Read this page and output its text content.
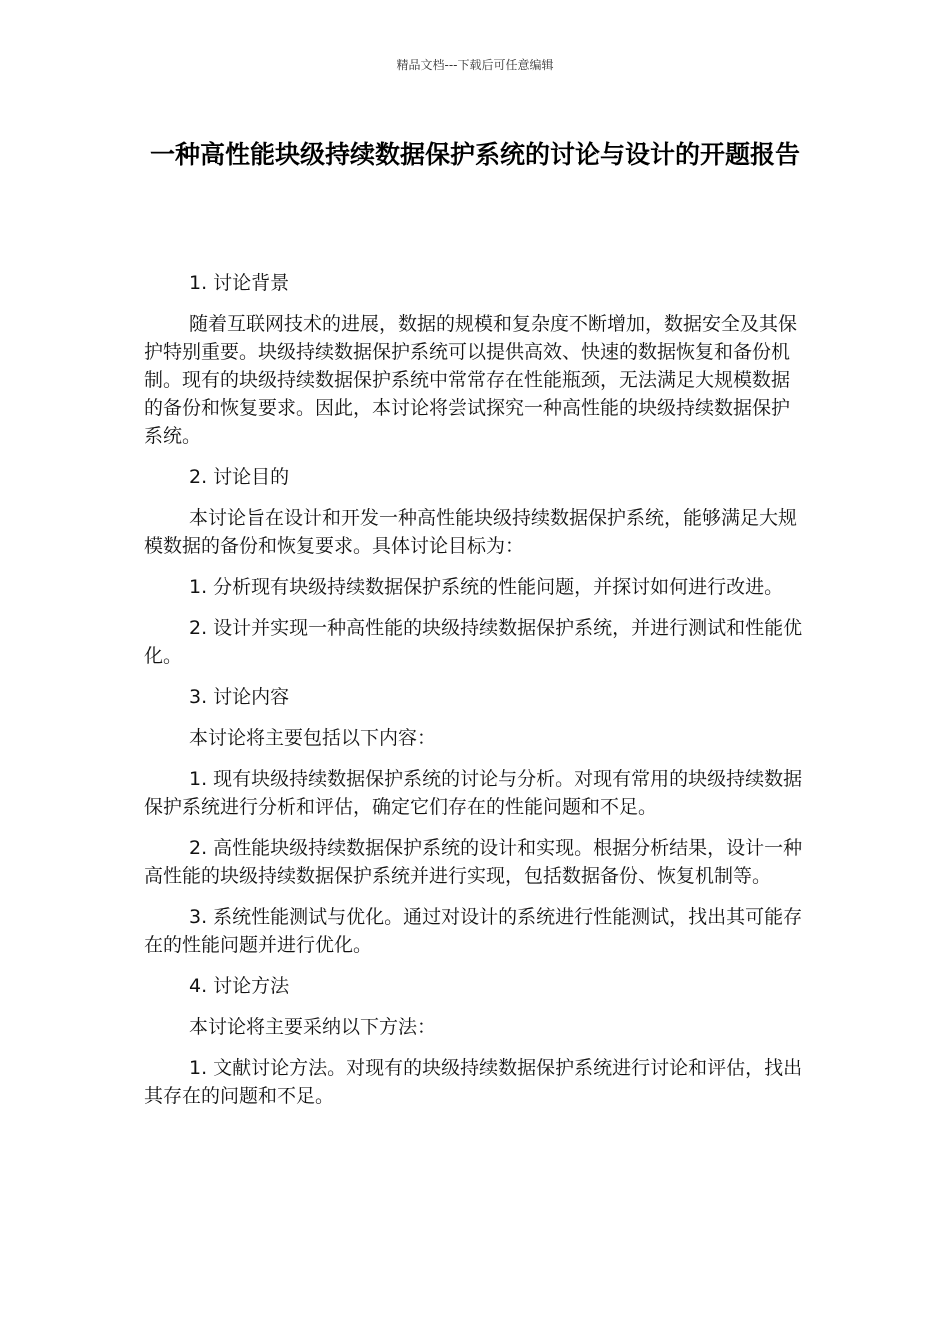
精品文档---下载后可任意编辑
一种高性能块级持续数据保护系统的讨论与设计的开题报告

1. 讨论背景

随着互联网技术的进展，数据的规模和复杂度不断增加，数据安全及其保护特别重要。块级持续数据保护系统可以提供高效、快速的数据恢复和备份机制。现有的块级持续数据保护系统中常常存在性能瓶颈，无法满足大规模数据的备份和恢复要求。因此，本讨论将尝试探究一种高性能的块级持续数据保护系统。

2. 讨论目的

本讨论旨在设计和开发一种高性能块级持续数据保护系统，能够满足大规模数据的备份和恢复要求。具体讨论目标为：

1. 分析现有块级持续数据保护系统的性能问题，并探讨如何进行改进。

2. 设计并实现一种高性能的块级持续数据保护系统，并进行测试和性能优化。

3. 讨论内容

本讨论将主要包括以下内容：

1. 现有块级持续数据保护系统的讨论与分析。对现有常用的块级持续数据保护系统进行分析和评估，确定它们存在的性能问题和不足。

2. 高性能块级持续数据保护系统的设计和实现。根据分析结果，设计一种高性能的块级持续数据保护系统并进行实现，包括数据备份、恢复机制等。

3. 系统性能测试与优化。通过对设计的系统进行性能测试，找出其可能存在的性能问题并进行优化。

4. 讨论方法

本讨论将主要采纳以下方法：

1. 文献讨论方法。对现有的块级持续数据保护系统进行讨论和评估，找出其存在的问题和不足。
